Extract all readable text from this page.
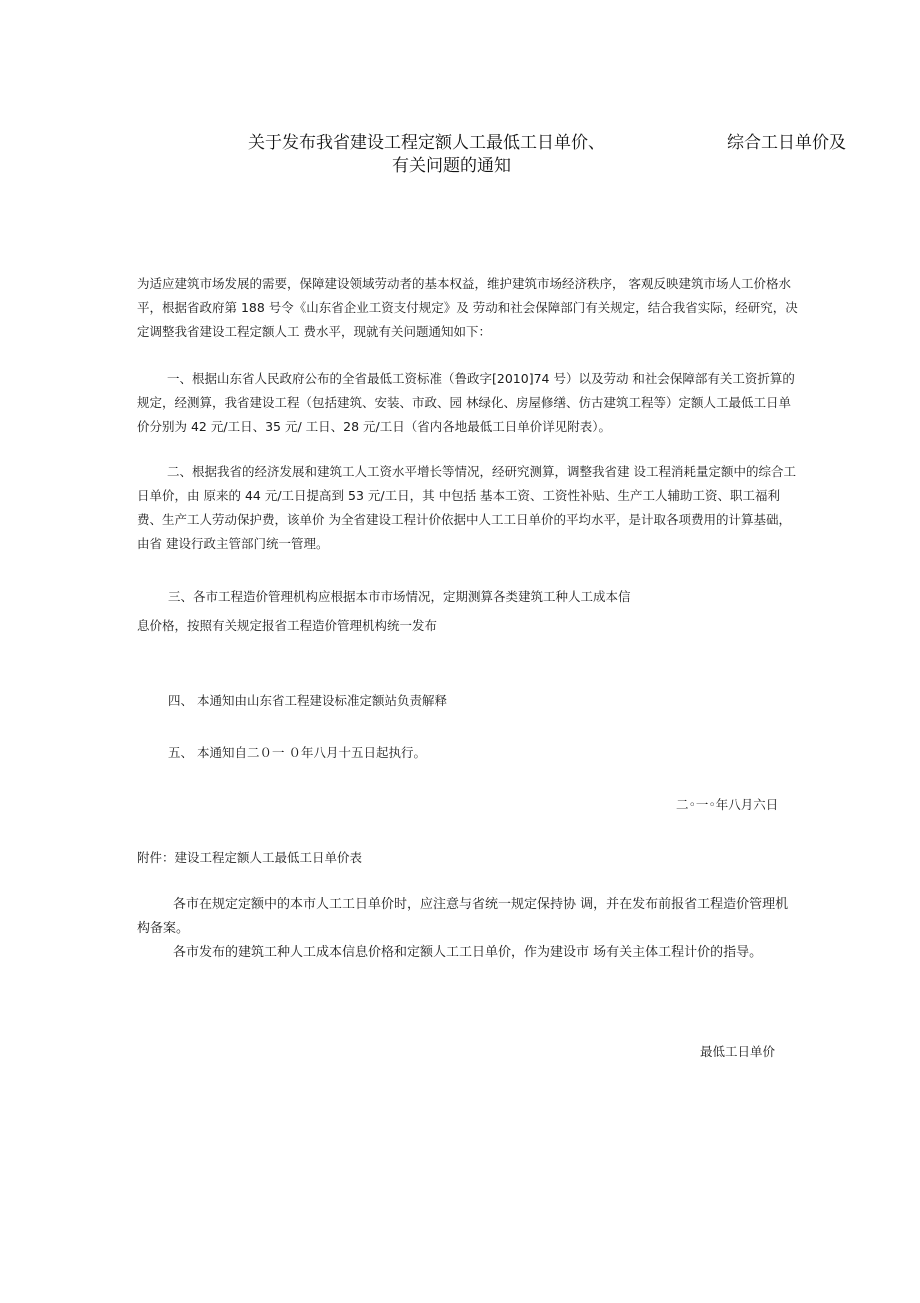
关于发布我省建设工程定额人工最低工日单价、	综合工日单价及
有关问题的通知
为适应建筑市场发展的需要，保障建设领域劳动者的基本权益，维护建筑市场经济秩序， 客观反映建筑市场人工价格水平，根据省政府第 188 号令《山东省企业工资支付规定》及 劳动和社会保障部门有关规定，结合我省实际，经研究，决定调整我省建设工程定额人工 费水平，现就有关问题通知如下：
一、根据山东省人民政府公布的全省最低工资标准（鲁政字[2010]74 号）以及劳动 和社会保障部有关工资折算的规定，经测算，我省建设工程（包括建筑、安装、市政、园 林绿化、房屋修缮、仿古建筑工程等）定额人工最低工日单价分别为 42 元/工日、35 元/ 工日、28 元/工日（省内各地最低工日单价详见附表）。
二、根据我省的经济发展和建筑工人工资水平增长等情况，经研究测算，调整我省建 设工程消耗量定额中的综合工日单价，由 原来的 44 元/工日提高到 53 元/工日，其 中包括 基本工资、工资性补贴、生产工人辅助工资、职工福利费、生产工人劳动保护费，该单价 为全省建设工程计价依据中人工工日单价的平均水平，是计取各项费用的计算基础，由省 建设行政主管部门统一管理。
三、各市工程造价管理机构应根据本市市场情况，定期测算各类建筑工种人工成本信
息价格，按照有关规定报省工程造价管理机构统一发布
四、 本通知由山东省工程建设标准定额站负责解释
五、 本通知自二０一 ０年八月十五日起执行。
二◦一◦年八月六日
附件：建设工程定额人工最低工日单价表
各市在规定定额中的本市人工工日单价时，应注意与省统一规定保持协 调，并在发布前报省工程造价管理机构备案。
各市发布的建筑工种人工成本信息价格和定额人工工日单价，作为建设市 场有关主体工程计价的指导。
最低工日单价
